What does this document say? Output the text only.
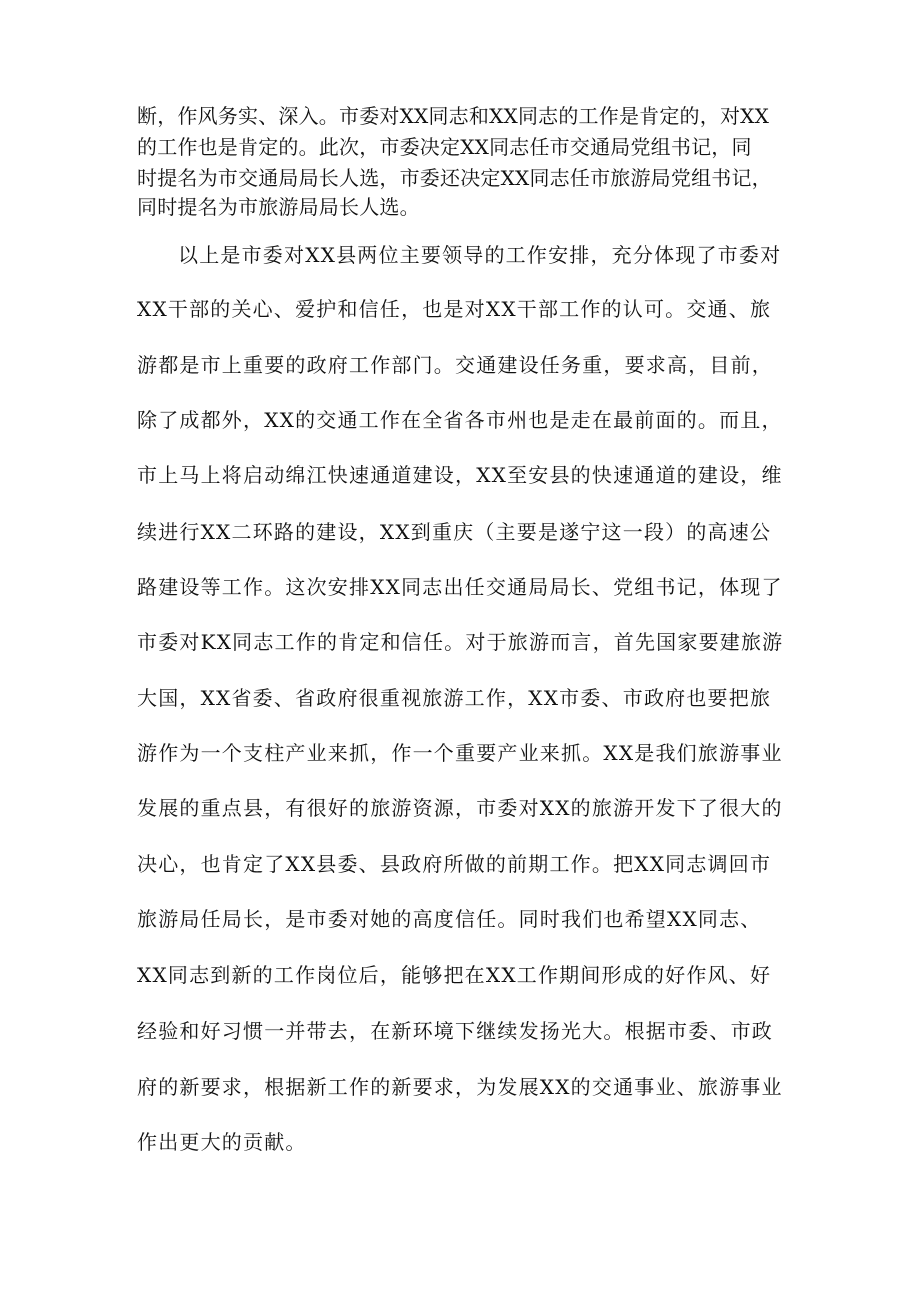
断，作风务实、深入。市委对XX同志和XX同志的工作是肯定的，对XX
的工作也是肯定的。此次，市委决定XX同志任市交通局党组书记，同
时提名为市交通局局长人选，市委还决定XX同志任市旅游局党组书记，
同时提名为市旅游局局长人选。
以上是市委对XX县两位主要领导的工作安排，充分体现了市委对
XX干部的关心、爱护和信任，也是对XX干部工作的认可。交通、旅
游都是市上重要的政府工作部门。交通建设任务重，要求高，目前，
除了成都外，XX的交通工作在全省各市州也是走在最前面的。而且，
市上马上将启动绵江快速通道建设，XX至安县的快速通道的建设，维
续进行XX二环路的建设，XX到重庆（主要是遂宁这一段）的高速公
路建设等工作。这次安排XX同志出任交通局局长、党组书记，体现了
市委对KX同志工作的肯定和信任。对于旅游而言，首先国家要建旅游
大国，XX省委、省政府很重视旅游工作，XX市委、市政府也要把旅
游作为一个支柱产业来抓，作一个重要产业来抓。XX是我们旅游事业
发展的重点县，有很好的旅游资源，市委对XX的旅游开发下了很大的
决心，也肯定了XX县委、县政府所做的前期工作。把XX同志调回市
旅游局任局长，是市委对她的高度信任。同时我们也希望XX同志、
XX同志到新的工作岗位后，能够把在XX工作期间形成的好作风、好
经验和好习惯一并带去，在新环境下继续发扬光大。根据市委、市政
府的新要求，根据新工作的新要求，为发展XX的交通事业、旅游事业
作出更大的贡献。
